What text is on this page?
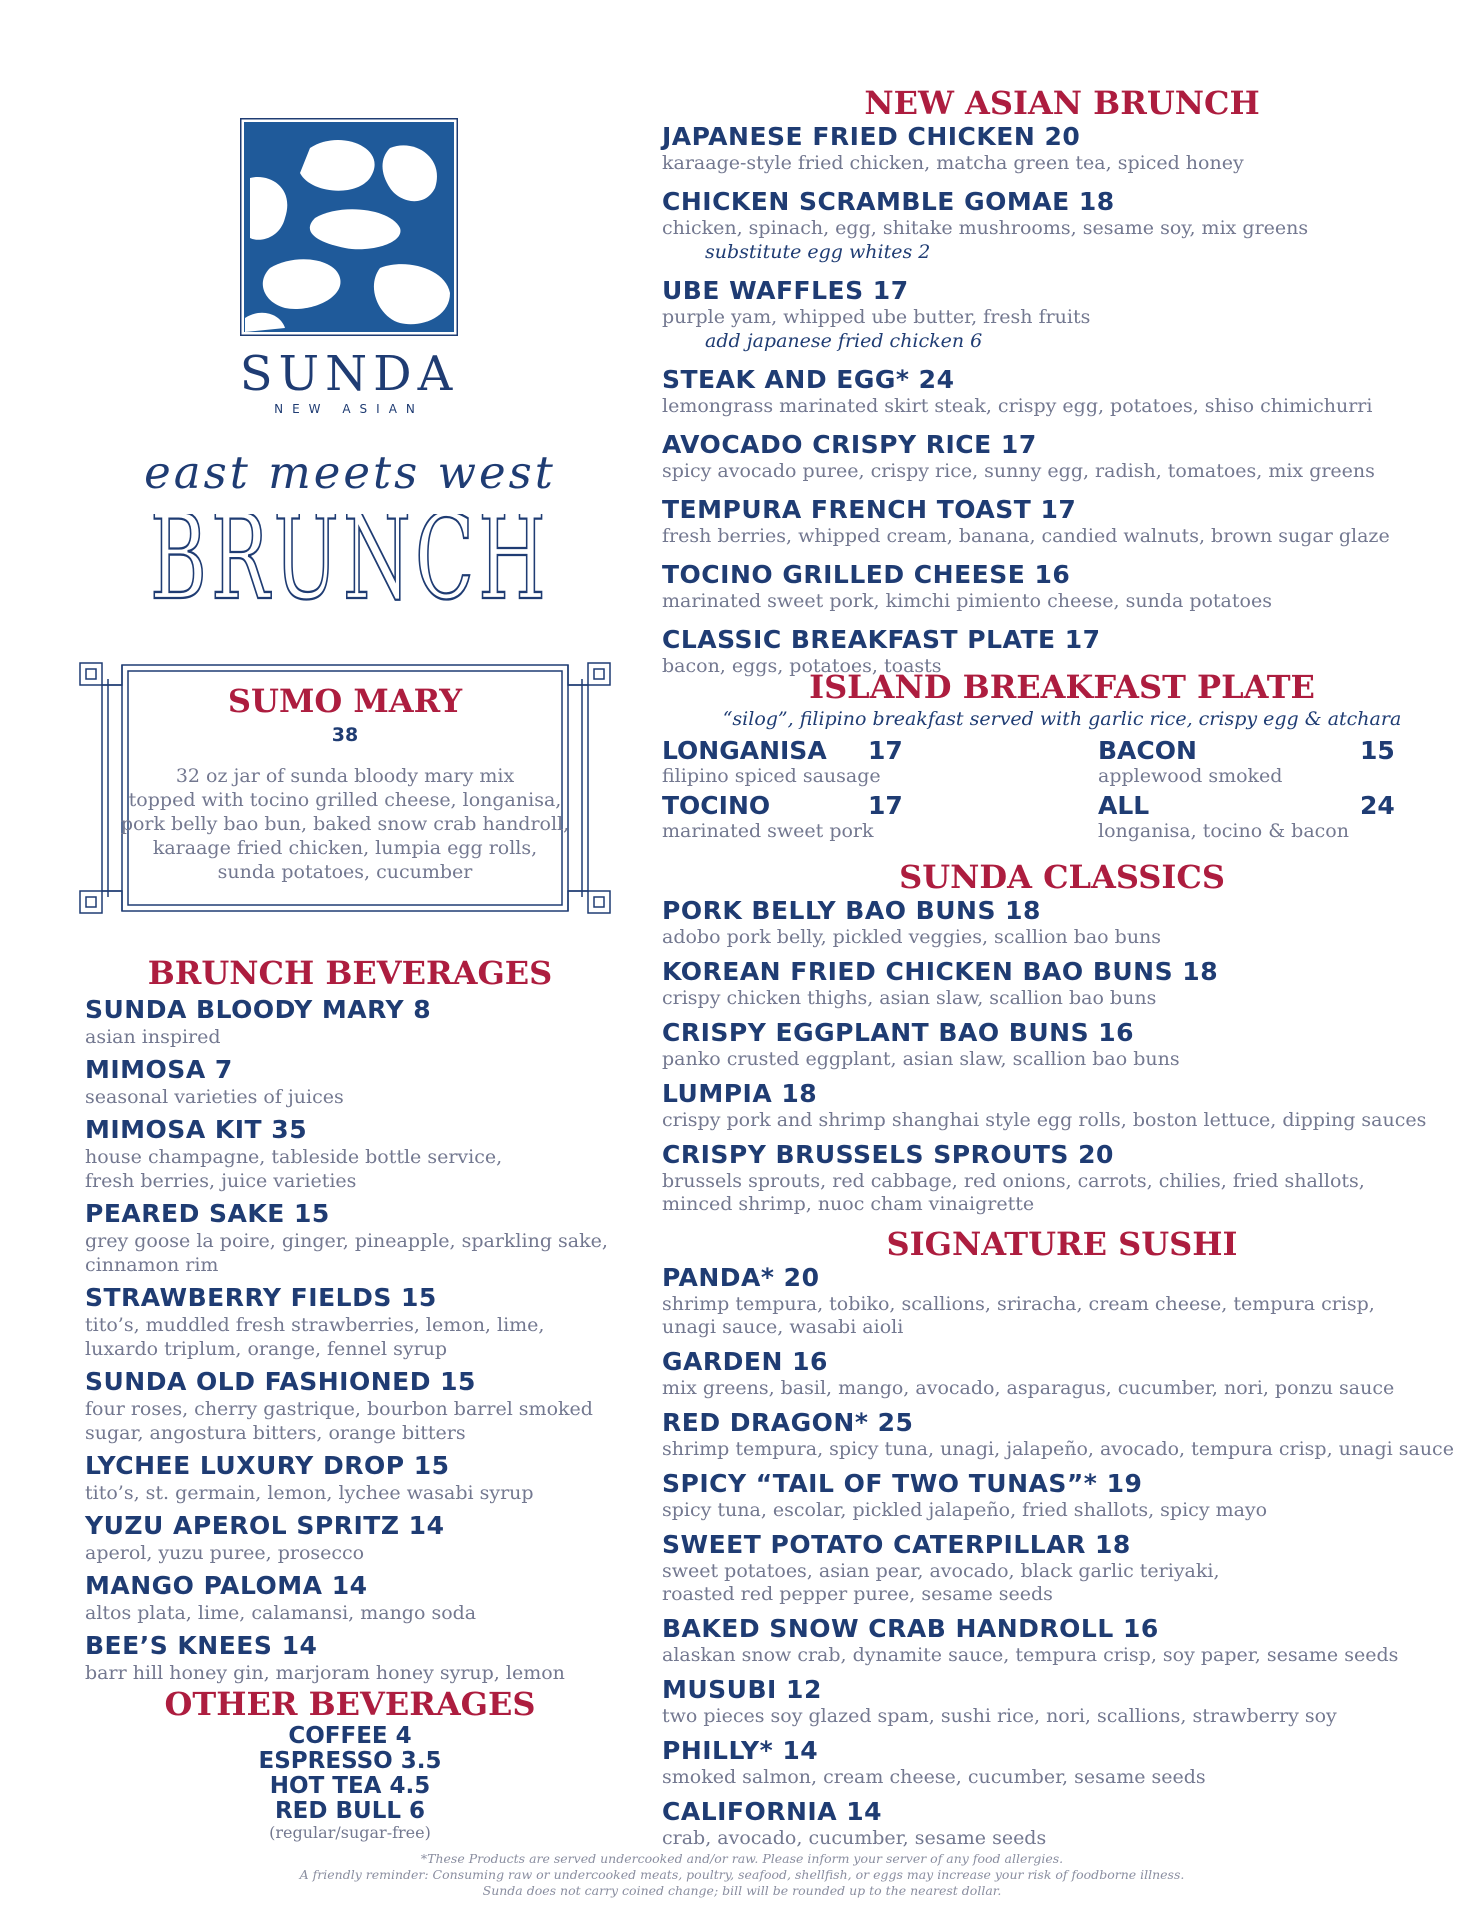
SUNDA
NEW ASIAN
east meets west
BRUNCH
SUMO MARY
38
32 oz jar of sunda bloody mary mix
topped with tocino grilled cheese, longanisa,
pork belly bao bun, baked snow crab handroll,
karaage fried chicken, lumpia egg rolls,
sunda potatoes, cucumber
BRUNCH BEVERAGES
SUNDA BLOODY MARY 8
asian inspired
MIMOSA 7
seasonal varieties of juices
MIMOSA KIT 35
house champagne, tableside bottle service,
fresh berries, juice varieties
PEARED SAKE 15
grey goose la poire, ginger, pineapple, sparkling sake,
cinnamon rim
STRAWBERRY FIELDS 15
tito’s, muddled fresh strawberries, lemon, lime,
luxardo triplum, orange, fennel syrup
SUNDA OLD FASHIONED 15
four roses, cherry gastrique, bourbon barrel smoked
sugar, angostura bitters, orange bitters
LYCHEE LUXURY DROP 15
tito’s, st. germain, lemon, lychee wasabi syrup
YUZU APEROL SPRITZ 14
aperol, yuzu puree, prosecco
MANGO PALOMA 14
altos plata, lime, calamansi, mango soda
BEE’S KNEES 14
barr hill honey gin, marjoram honey syrup, lemon
OTHER BEVERAGES
COFFEE 4
ESPRESSO 3.5
HOT TEA 4.5
RED BULL 6
(regular/sugar-free)
NEW ASIAN BRUNCH
JAPANESE FRIED CHICKEN 20
karaage-style fried chicken, matcha green tea, spiced honey
CHICKEN SCRAMBLE GOMAE 18
chicken, spinach, egg, shitake mushrooms, sesame soy, mix greens
substitute egg whites 2
UBE WAFFLES 17
purple yam, whipped ube butter, fresh fruits
add japanese fried chicken 6
STEAK AND EGG* 24
lemongrass marinated skirt steak, crispy egg, potatoes, shiso chimichurri
AVOCADO CRISPY RICE 17
spicy avocado puree, crispy rice, sunny egg, radish, tomatoes, mix greens
TEMPURA FRENCH TOAST 17
fresh berries, whipped cream, banana, candied walnuts, brown sugar glaze
TOCINO GRILLED CHEESE 16
marinated sweet pork, kimchi pimiento cheese, sunda potatoes
CLASSIC BREAKFAST PLATE 17
bacon, eggs, potatoes, toasts
ISLAND BREAKFAST PLATE
“silog”, filipino breakfast served with garlic rice, crispy egg & atchara
LONGANISA 17
filipino spiced sausage
BACON	15
applewood smoked
TOCINO	17
marinated sweet pork
ALL	24
longanisa, tocino & bacon
SUNDA CLASSICS
PORK BELLY BAO BUNS 18
adobo pork belly, pickled veggies, scallion bao buns
KOREAN FRIED CHICKEN BAO BUNS 18
crispy chicken thighs, asian slaw, scallion bao buns
CRISPY EGGPLANT BAO BUNS 16
panko crusted eggplant, asian slaw, scallion bao buns
LUMPIA 18
crispy pork and shrimp shanghai style egg rolls, boston lettuce, dipping sauces
CRISPY BRUSSELS SPROUTS 20
brussels sprouts, red cabbage, red onions, carrots, chilies, fried shallots,
minced shrimp, nuoc cham vinaigrette
SIGNATURE SUSHI
PANDA* 20
shrimp tempura, tobiko, scallions, sriracha, cream cheese, tempura crisp,
unagi sauce, wasabi aioli
GARDEN 16
mix greens, basil, mango, avocado, asparagus, cucumber, nori, ponzu sauce
RED DRAGON* 25
shrimp tempura, spicy tuna, unagi, jalapeño, avocado, tempura crisp, unagi sauce
SPICY “TAIL OF TWO TUNAS”* 19
spicy tuna, escolar, pickled jalapeño, fried shallots, spicy mayo
SWEET POTATO CATERPILLAR 18
sweet potatoes, asian pear, avocado, black garlic teriyaki,
roasted red pepper puree, sesame seeds
BAKED SNOW CRAB HANDROLL 16
alaskan snow crab, dynamite sauce, tempura crisp, soy paper, sesame seeds
MUSUBI 12
two pieces soy glazed spam, sushi rice, nori, scallions, strawberry soy
PHILLY* 14
smoked salmon, cream cheese, cucumber, sesame seeds
CALIFORNIA 14
crab, avocado, cucumber, sesame seeds
*These Products are served undercooked and/or raw. Please inform your server of any food allergies.
A friendly reminder: Consuming raw or undercooked meats, poultry, seafood, shellfish, or eggs may increase your risk of foodborne illness.
Sunda does not carry coined change; bill will be rounded up to the nearest dollar.
